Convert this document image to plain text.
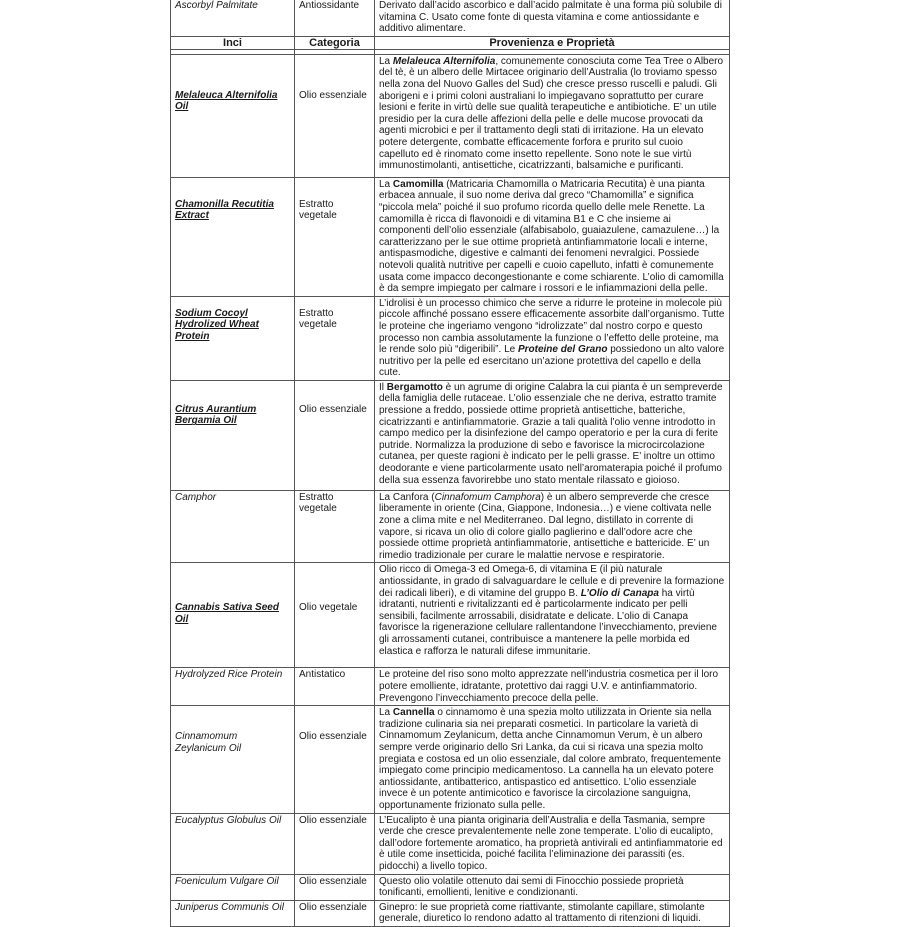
Ascorbyl Palmitate	Antiossidante	Derivato dall’acido ascorbico e dall’acido palmitate è una forma più solubile di vitamina C. Usato come fonte di questa vitamina e come antiossidante e additivo alimentare.
Inci	Categoria	Provenienza e Proprietà

Melaleuca Alternifolia Oil	Olio essenziale	La Melaleuca Alternifolia, comunemente conosciuta come Tea Tree o Albero del tè, è un albero delle Mirtacee originario dell’Australia (lo troviamo spesso nella zona del Nuovo Galles del Sud) che cresce presso ruscelli e paludi. Gli aborigeni e i primi coloni australiani lo impiegavano soprattutto per curare lesioni e ferite in virtù delle sue qualità terapeutiche e antibiotiche. E’ un utile presidio per la cura delle affezioni della pelle e delle mucose provocati da agenti microbici e per il trattamento degli stati di irritazione. Ha un elevato potere detergente, combatte efficacemente forfora e prurito sul cuoio capelluto ed è rinomato come insetto repellente. Sono note le sue virtù immunostimolanti, antisettiche, cicatrizzanti, balsamiche e purificanti.

Chamonilla Recutitia Extract	Estratto vegetale	La Camomilla (Matricaria Chamomilla o Matricaria Recutita) è una pianta erbacea annuale, il suo nome deriva dal greco “Chamomilla” e significa “piccola mela” poiché il suo profumo ricorda quello delle mele Renette. La camomilla è ricca di flavonoidi e di vitamina B1 e C che insieme ai componenti dell’olio essenziale (alfabisabolo, guaiazulene, camazulene…) la caratterizzano per le sue ottime proprietà antinfiammatorie locali e interne, antispasmodiche, digestive e calmanti dei fenomeni nevralgici. Possiede notevoli qualità nutritive per capelli e cuoio capelluto, infatti è comunemente usata come impacco decongestionante e come schiarente. L’olio di camomilla è da sempre impiegato per calmare i rossori e le infiammazioni della pelle.

Sodium Cocoyl Hydrolized Wheat Protein	Estratto vegetale	L’idrolisi è un processo chimico che serve a ridurre le proteine in molecole più piccole affinché possano essere efficacemente assorbite dall’organismo. Tutte le proteine che ingeriamo vengono “idrolizzate” dal nostro corpo e questo processo non cambia assolutamente la funzione o l’effetto delle proteine, ma le rende solo più “digeribili”. Le Proteine del Grano possiedono un alto valore nutritivo per la pelle ed esercitano un’azione protettiva del capello e della cute.

Citrus Aurantium Bergamia Oil	Olio essenziale	Il Bergamotto è un agrume di origine Calabra la cui pianta è un sempreverde della famiglia delle rutaceae. L’olio essenziale che ne deriva, estratto tramite pressione a freddo, possiede ottime proprietà antisettiche, batteriche, cicatrizzanti e antinfiammatorie. Grazie a tali qualità l’olio venne introdotto in campo medico per la disinfezione del campo operatorio e per la cura di ferite putride. Normalizza la produzione di sebo e favorisce la microcircolazione cutanea, per queste ragioni è indicato per le pelli grasse. E’ inoltre un ottimo deodorante e viene particolarmente usato nell’aromaterapia poiché il profumo della sua essenza favorirebbe uno stato mentale rilassato e gioioso.

Camphor	Estratto vegetale	La Canfora (Cinnafomum Camphora) è un albero sempreverde che cresce liberamente in oriente (Cina, Giappone, Indonesia…) e viene coltivata nelle zone a clima mite e nel Mediterraneo. Dal legno, distillato in corrente di vapore, si ricava un olio di colore giallo paglierino e dall’odore acre che possiede ottime proprietà antinfiammatorie, antisettiche e battericide. E’ un rimedio tradizionale per curare le malattie nervose e respiratorie.

Cannabis Sativa Seed Oil	Olio vegetale	Olio ricco di Omega-3 ed Omega-6, di vitamina E (il più naturale antiossidante, in grado di salvaguardare le cellule e di prevenire la formazione dei radicali liberi), e di vitamine del gruppo B. L’Olio di Canapa ha virtù idratanti, nutrienti e rivitalizzanti ed è particolarmente indicato per pelli sensibili, facilmente arrossabili, disidratate e delicate. L’olio di Canapa favorisce la rigenerazione cellulare rallentandone l’invecchiamento, previene gli arrossamenti cutanei, contribuisce a mantenere la pelle morbida ed elastica e rafforza le naturali difese immunitarie.

Hydrolyzed Rice Protein	Antistatico	Le proteine del riso sono molto apprezzate nell’industria cosmetica per il loro potere emolliente, idratante, protettivo dai raggi U.V. e antinfiammatorio. Prevengono l’invecchiamento precoce della pelle.

Cinnamomum Zeylanicum Oil	Olio essenziale	La Cannella o cinnamomo è una spezia molto utilizzata in Oriente sia nella tradizione culinaria sia nei preparati cosmetici. In particolare la varietà di Cinnamomum Zeylanicum, detta anche Cinnamomun Verum, è un albero sempre verde originario dello Sri Lanka, da cui si ricava una spezia molto pregiata e costosa ed un olio essenziale, dal colore ambrato, frequentemente impiegato come principio medicamentoso. La cannella ha un elevato potere antiossidante, antibatterico, antispastico ed antisettico. L’olio essenziale invece è un potente antimicotico e favorisce la circolazione sanguigna, opportunamente frizionato sulla pelle.

Eucalyptus Globulus Oil	Olio essenziale	L’Eucalipto è una pianta originaria dell’Australia e della Tasmania, sempre verde che cresce prevalentemente nelle zone temperate. L’olio di eucalipto, dall’odore fortemente aromatico, ha proprietà antivirali ed antinfiammatorie ed è utile come insetticida, poiché facilita l’eliminazione dei parassiti (es. pidocchi) a livello topico.

Foeniculum Vulgare Oil	Olio essenziale	Questo olio volatile ottenuto dai semi di Finocchio possiede proprietà tonificanti, emollienti, lenitive e condizionanti.

Juniperus Communis Oil	Olio essenziale	Ginepro: le sue proprietà come riattivante, stimolante capillare, stimolante generale, diuretico lo rendono adatto al trattamento di ritenzioni di liquidi.
